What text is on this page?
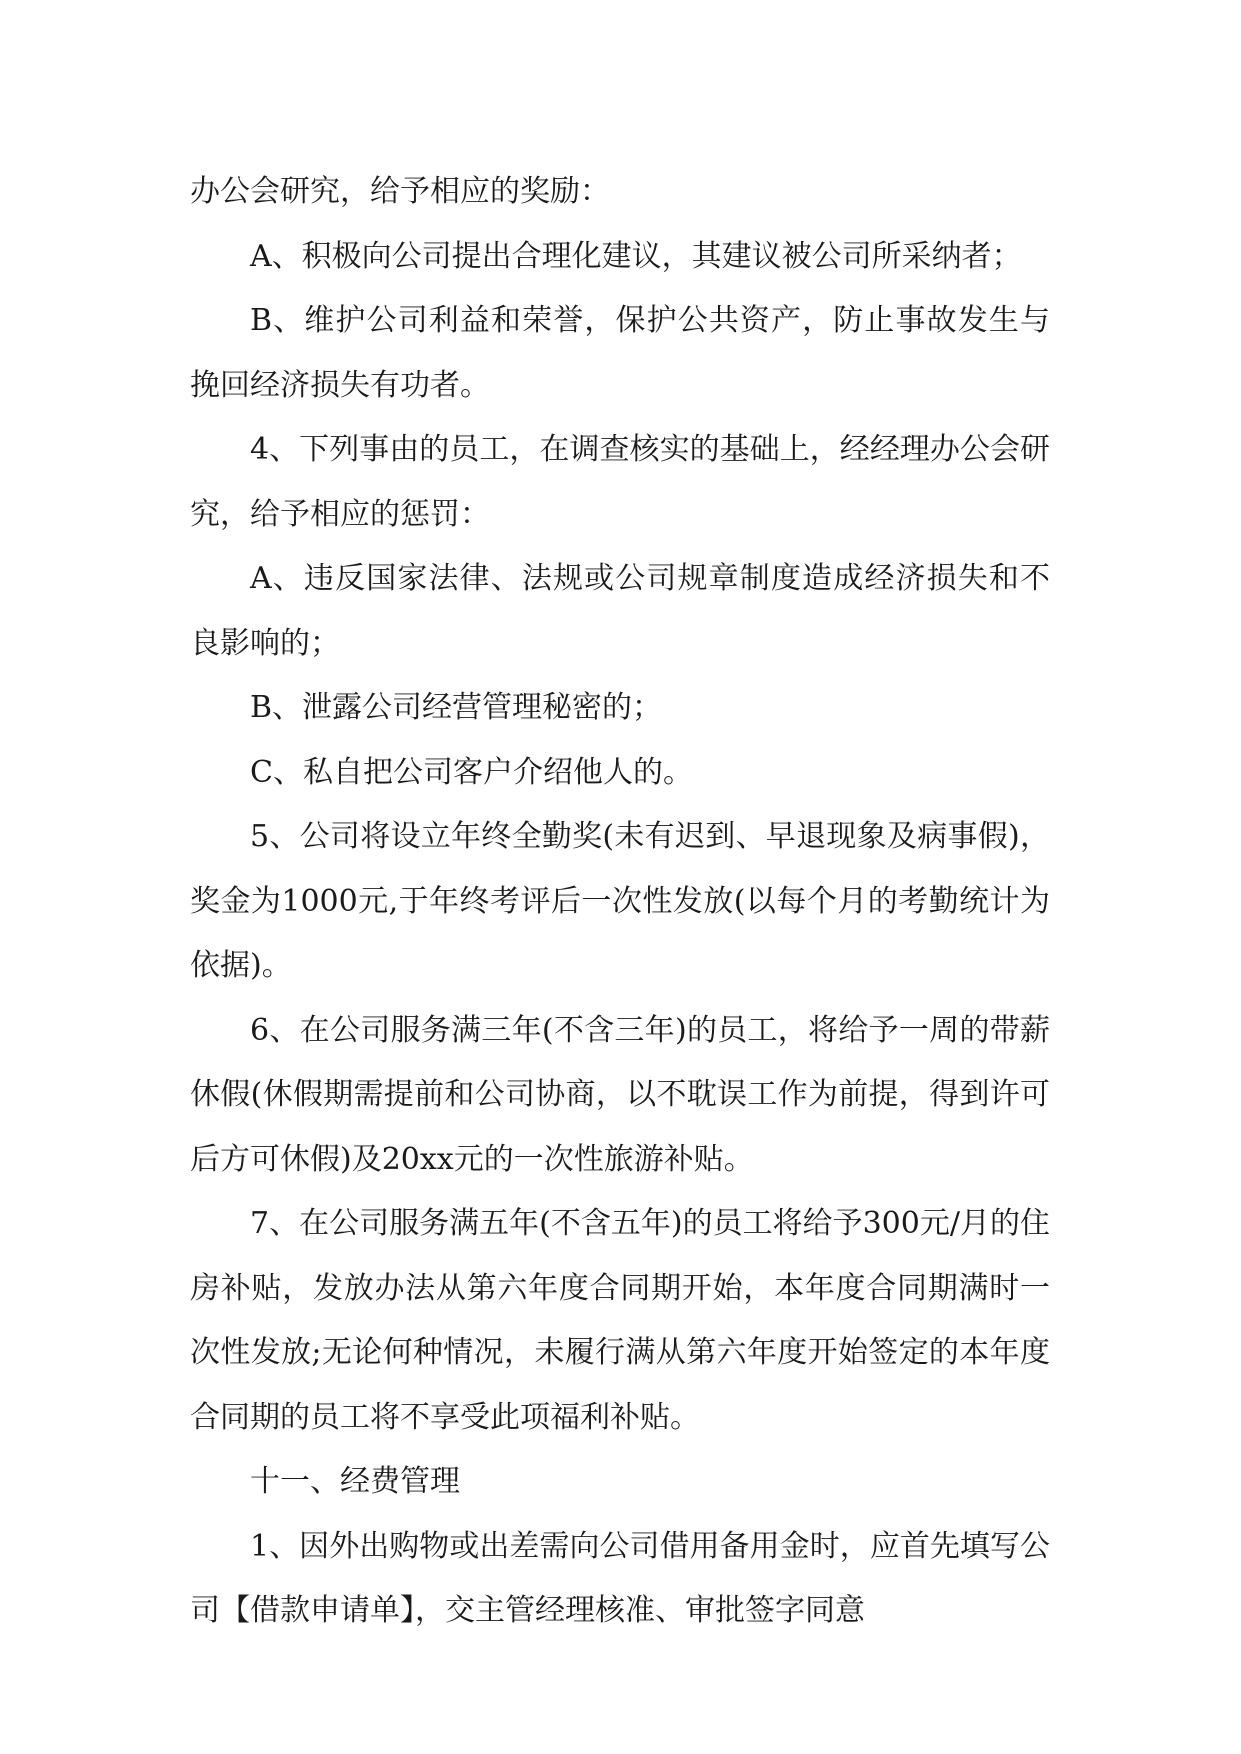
办公会研究，给予相应的奖励：

A、积极向公司提出合理化建议，其建议被公司所采纳者；

B、维护公司利益和荣誉，保护公共资产，防止事故发生与挽回经济损失有功者。

4、下列事由的员工，在调查核实的基础上，经经理办公会研究，给予相应的惩罚：

A、违反国家法律、法规或公司规章制度造成经济损失和不良影响的；

B、泄露公司经营管理秘密的；

C、私自把公司客户介绍他人的。

5、公司将设立年终全勤奖(未有迟到、早退现象及病事假)，奖金为1000元,于年终考评后一次性发放(以每个月的考勤统计为依据)。

6、在公司服务满三年(不含三年)的员工，将给予一周的带薪休假(休假期需提前和公司协商，以不耽误工作为前提，得到许可后方可休假)及20xx元的一次性旅游补贴。

7、在公司服务满五年(不含五年)的员工将给予300元/月的住房补贴，发放办法从第六年度合同期开始，本年度合同期满时一次性发放;无论何种情况，未履行满从第六年度开始签定的本年度合同期的员工将不享受此项福利补贴。

十一、经费管理

1、因外出购物或出差需向公司借用备用金时，应首先填写公司【借款申请单】，交主管经理核准、审批签字同意
